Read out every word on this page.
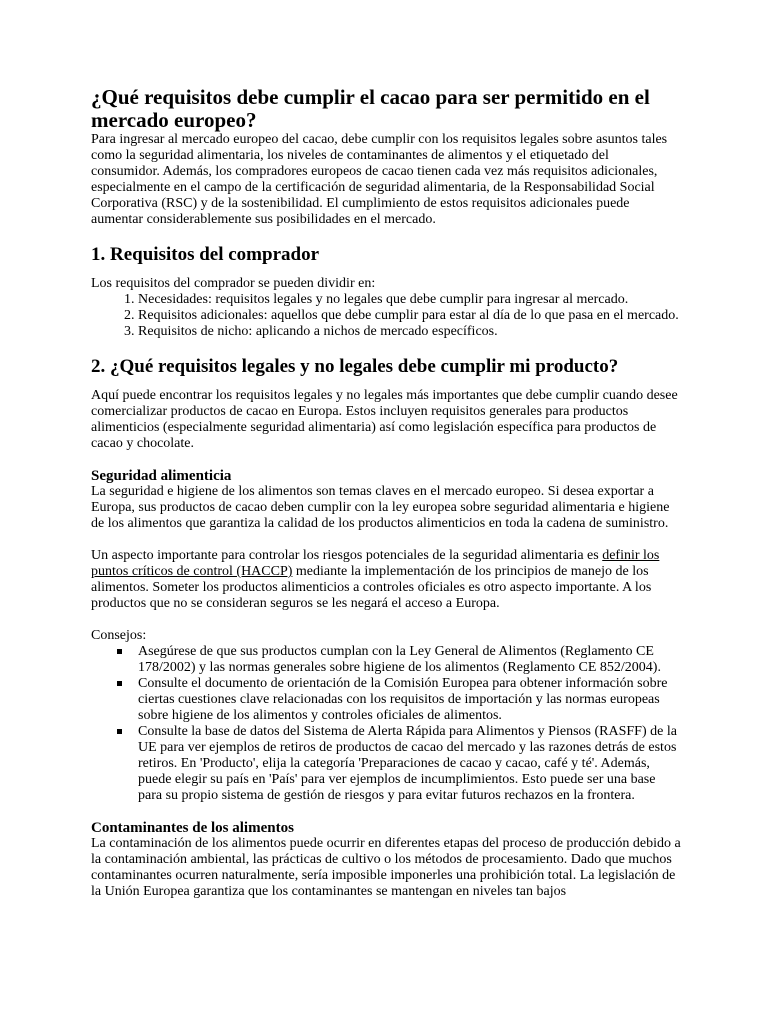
¿Qué requisitos debe cumplir el cacao para ser permitido en el mercado europeo?

Para ingresar al mercado europeo del cacao, debe cumplir con los requisitos legales sobre asuntos tales como la seguridad alimentaria, los niveles de contaminantes de alimentos y el etiquetado del consumidor. Además, los compradores europeos de cacao tienen cada vez más requisitos adicionales, especialmente en el campo de la certificación de seguridad alimentaria, de la Responsabilidad Social Corporativa (RSC) y de la sostenibilidad. El cumplimiento de estos requisitos adicionales puede aumentar considerablemente sus posibilidades en el mercado.

1. Requisitos del comprador

Los requisitos del comprador se pueden dividir en:

1. Necesidades: requisitos legales y no legales que debe cumplir para ingresar al mercado.
2. Requisitos adicionales: aquellos que debe cumplir para estar al día de lo que pasa en el mercado.
3. Requisitos de nicho: aplicando a nichos de mercado específicos.
2. ¿Qué requisitos legales y no legales debe cumplir mi producto?

Aquí puede encontrar los requisitos legales y no legales más importantes que debe cumplir cuando desee comercializar productos de cacao en Europa. Estos incluyen requisitos generales para productos alimenticios (especialmente seguridad alimentaria) así como legislación específica para productos de cacao y chocolate.

Seguridad alimenticia

La seguridad e higiene de los alimentos son temas claves en el mercado europeo. Si desea exportar a Europa, sus productos de cacao deben cumplir con la ley europea sobre seguridad alimentaria e higiene de los alimentos que garantiza la calidad de los productos alimenticios en toda la cadena de suministro.

Un aspecto importante para controlar los riesgos potenciales de la seguridad alimentaria es definir los puntos críticos de control (HACCP) mediante la implementación de los principios de manejo de los alimentos. Someter los productos alimenticios a controles oficiales es otro aspecto importante. A los productos que no se consideran seguros se les negará el acceso a Europa.

Consejos:

Asegúrese de que sus productos cumplan con la Ley General de Alimentos (Reglamento CE 178/2002) y las normas generales sobre higiene de los alimentos (Reglamento CE 852/2004).
Consulte el documento de orientación de la Comisión Europea para obtener información sobre ciertas cuestiones clave relacionadas con los requisitos de importación y las normas europeas sobre higiene de los alimentos y controles oficiales de alimentos.
Consulte la base de datos del Sistema de Alerta Rápida para Alimentos y Piensos (RASFF) de la UE para ver ejemplos de retiros de productos de cacao del mercado y las razones detrás de estos retiros. En 'Producto', elija la categoría 'Preparaciones de cacao y cacao, café y té'. Además, puede elegir su país en 'País' para ver ejemplos de incumplimientos. Esto puede ser una base para su propio sistema de gestión de riesgos y para evitar futuros rechazos en la frontera.
Contaminantes de los alimentos

La contaminación de los alimentos puede ocurrir en diferentes etapas del proceso de producción debido a la contaminación ambiental, las prácticas de cultivo o los métodos de procesamiento. Dado que muchos contaminantes ocurren naturalmente, sería imposible imponerles una prohibición total. La legislación de la Unión Europea garantiza que los contaminantes se mantengan en niveles tan bajos
